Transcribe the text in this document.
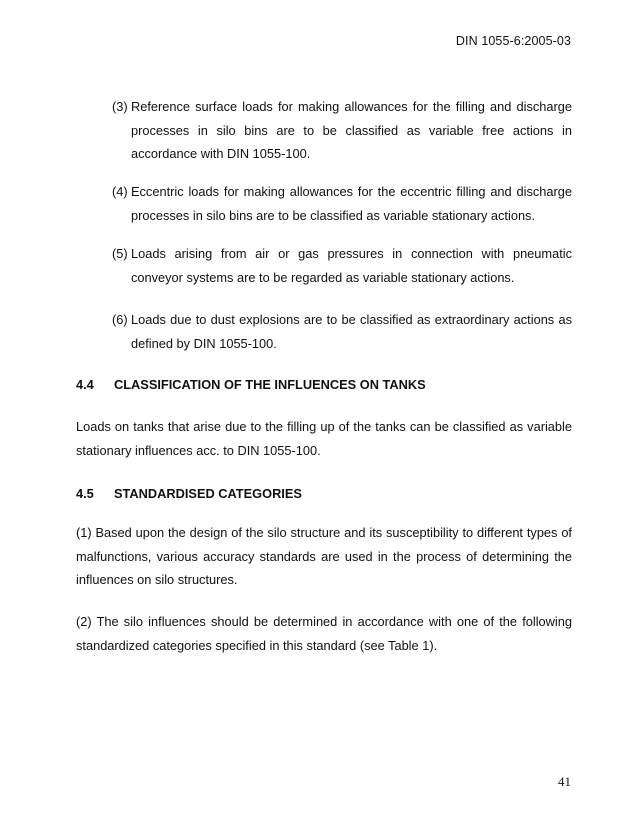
DIN 1055-6:2005-03
(3) Reference surface loads for making allowances for the filling and discharge processes in silo bins are to be classified as variable free actions in accordance with DIN 1055-100.
(4) Eccentric loads for making allowances for the eccentric filling and discharge processes in silo bins are to be classified as variable stationary actions.
(5) Loads arising from air or gas pressures in connection with pneumatic conveyor systems are to be regarded as variable stationary actions.
(6) Loads due to dust explosions are to be classified as extraordinary actions as defined by DIN 1055-100.
4.4 CLASSIFICATION OF THE INFLUENCES ON TANKS
Loads on tanks that arise due to the filling up of the tanks can be classified as variable stationary influences acc. to DIN 1055-100.
4.5 STANDARDISED CATEGORIES
(1) Based upon the design of the silo structure and its susceptibility to different types of malfunctions, various accuracy standards are used in the process of determining the influences on silo structures.
(2) The silo influences should be determined in accordance with one of the following standardized categories specified in this standard (see Table 1).
41
